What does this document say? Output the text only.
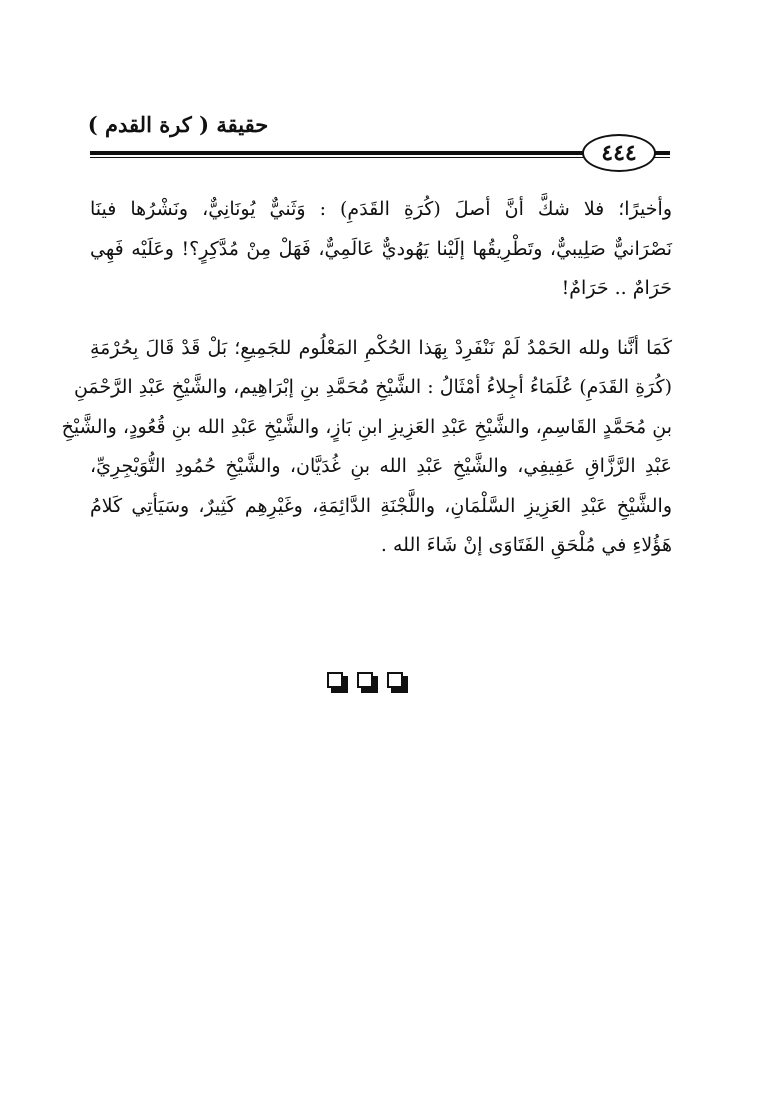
حقيقة ( كرة القدم )
٤٤٤
وأخيرًا؛ فلا شكَّ أنَّ أصلَ (كُرَةِ القَدَمِ) : وَثَنيٌّ يُونَانِيٌّ، ونَشْرُها فينَا
نَصْرَانيٌّ صَلِيبيٌّ، وتَطْرِيقُها إلَيْنا يَهُوديٌّ عَالَمِيٌّ، فَهَلْ مِنْ مُدَّكِرٍ؟! وعَلَيْه فَهِي
حَرَامٌ .. حَرَامٌ!
كَمَا أنَّنا ولله الحَمْدُ لَمْ نَنْفَرِدْ بِهَذا الحُكْمِ المَعْلُوم للجَمِيعِ؛ بَلْ قَدْ قَالَ بِحُرْمَةِ
(كُرَةِ القَدَمِ) عُلَمَاءُ أجِلاءُ أمْثَالُ : الشَّيْخِ مُحَمَّدِ بنِ إبْرَاهِيم، والشَّيْخِ عَبْدِ الرَّحْمَنِ
بنِ مُحَمَّدٍ القَاسِمِ، والشَّيْخِ عَبْدِ العَزِيزِ ابنِ بَازٍ، والشَّيْخِ عَبْدِ الله بنِ قُعُودٍ، والشَّيْخِ
عَبْدِ الرَّزَّاقِ عَفِيفِي، والشَّيْخِ عَبْدِ الله بنِ غُدَيَّان، والشَّيْخِ حُمُودِ التُّوَيْجِرِيِّ،
والشَّيْخِ عَبْدِ العَزِيزِ السَّلْمَانِ، واللَّجْنَةِ الدَّائِمَةِ، وغَيْرِهِم كَثِيرٌ، وسَيَأتِي كَلامُ
هَؤُلاءِ في مُلْحَقِ الفَتَاوَى إنْ شَاءَ الله .
